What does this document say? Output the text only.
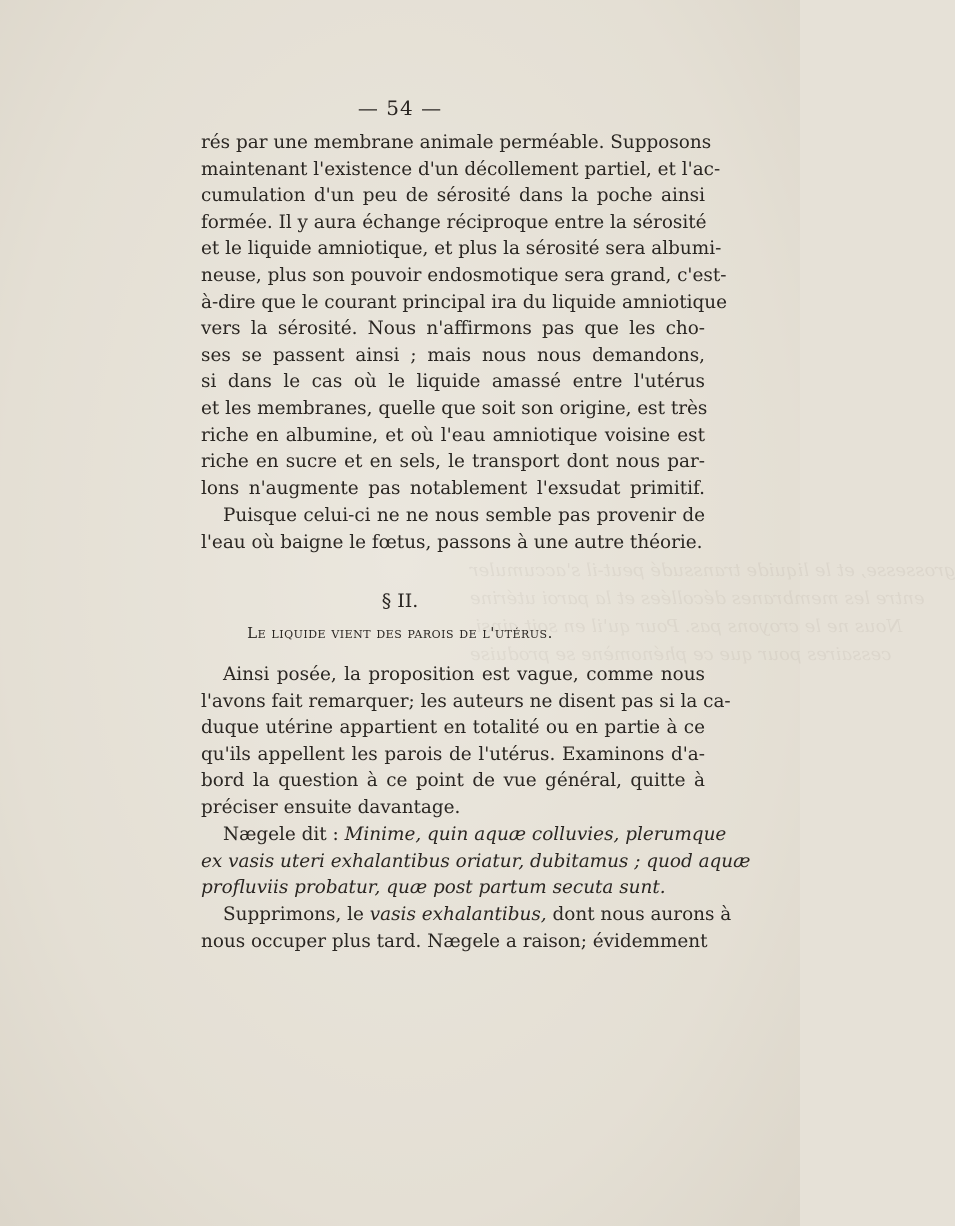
grossesse, et le liquide transsudé peut-il s'accumuler
entre les membranes décollées et la paroi utérine
Nous ne le croyons pas. Pour qu'il en soit ainsi,
cessaires pour que ce phénomène se produise
— 54 —
rés par une membrane animale perméable. Supposons
maintenant l'existence d'un décollement partiel, et l'ac-
cumulation d'un peu de sérosité dans la poche ainsi
formée. Il y aura échange réciproque entre la sérosité
et le liquide amniotique, et plus la sérosité sera albumi-
neuse, plus son pouvoir endosmotique sera grand, c'est-
à-dire que le courant principal ira du liquide amniotique
vers la sérosité. Nous n'affirmons pas que les cho-
ses se passent ainsi ; mais nous nous demandons,
si dans le cas où le liquide amassé entre l'utérus
et les membranes, quelle que soit son origine, est très
riche en albumine, et où l'eau amniotique voisine est
riche en sucre et en sels, le transport dont nous par-
lons n'augmente pas notablement l'exsudat primitif.
Puisque celui-ci ne ne nous semble pas provenir de
l'eau où baigne le fœtus, passons à une autre théorie.
§ II.
Le liquide vient des parois de l'utérus.
Ainsi posée, la proposition est vague, comme nous
l'avons fait remarquer; les auteurs ne disent pas si la ca-
duque utérine appartient en totalité ou en partie à ce
qu'ils appellent les parois de l'utérus. Examinons d'a-
bord la question à ce point de vue général, quitte à
préciser ensuite davantage.
Nægele dit : Minime, quin aquæ colluvies, plerumque
ex vasis uteri exhalantibus oriatur, dubitamus ; quod aquæ
profluviis probatur, quæ post partum secuta sunt.
Supprimons, le vasis exhalantibus, dont nous aurons à
nous occuper plus tard. Nægele a raison; évidemment
